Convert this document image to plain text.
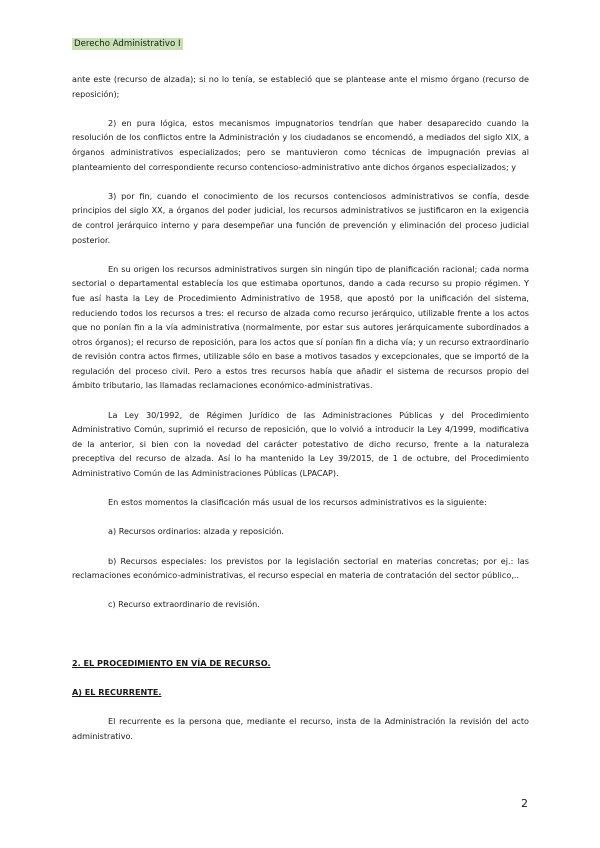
Derecho Administrativo I

ante este (recurso de alzada); si no lo tenía, se estableció que se plantease ante el mismo órgano (recurso de reposición);

2) en pura lógica, estos mecanismos impugnatorios tendrían que haber desaparecido cuando la resolución de los conflictos entre la Administración y los ciudadanos se encomendó, a mediados del siglo XIX, a órganos administrativos especializados; pero se mantuvieron como técnicas de impugnación previas al planteamiento del correspondiente recurso contencioso-administrativo ante dichos órganos especializados; y

3) por fin, cuando el conocimiento de los recursos contenciosos administrativos se confía, desde principios del siglo XX, a órganos del poder judicial, los recursos administrativos se justificaron en la exigencia de control jerárquico interno y para desempeñar una función de prevención y eliminación del proceso judicial posterior.

En su origen los recursos administrativos surgen sin ningún tipo de planificación racional; cada norma sectorial o departamental establecía los que estimaba oportunos, dando a cada recurso su propio régimen. Y fue así hasta la Ley de Procedimiento Administrativo de 1958, que apostó por la unificación del sistema, reduciendo todos los recursos a tres: el recurso de alzada como recurso jerárquico, utilizable frente a los actos que no ponían fin a la vía administrativa (normalmente, por estar sus autores jerárquicamente subordinados a otros órganos); el recurso de reposición, para los actos que sí ponían fin a dicha vía; y un recurso extraordinario de revisión contra actos firmes, utilizable sólo en base a motivos tasados y excepcionales, que se importó de la regulación del proceso civil. Pero a estos tres recursos había que añadir el sistema de recursos propio del ámbito tributario, las llamadas reclamaciones económico-administrativas.

La Ley 30/1992, de Régimen Jurídico de las Administraciones Públicas y del Procedimiento Administrativo Común, suprimió el recurso de reposición, que lo volvió a introducir la Ley 4/1999, modificativa de la anterior, si bien con la novedad del carácter potestativo de dicho recurso, frente a la naturaleza preceptiva del recurso de alzada. Así lo ha mantenido la Ley 39/2015, de 1 de octubre, del Procedimiento Administrativo Común de las Administraciones Públicas (LPACAP).

En estos momentos la clasificación más usual de los recursos administrativos es la siguiente:

a) Recursos ordinarios: alzada y reposición.

b) Recursos especiales: los previstos por la legislación sectorial en materias concretas; por ej.: las reclamaciones económico-administrativas, el recurso especial en materia de contratación del sector público,..

c) Recurso extraordinario de revisión.

2. EL PROCEDIMIENTO EN VÍA DE RECURSO.

A) EL RECURRENTE.

El recurrente es la persona que, mediante el recurso, insta de la Administración la revisión del acto administrativo.

2
